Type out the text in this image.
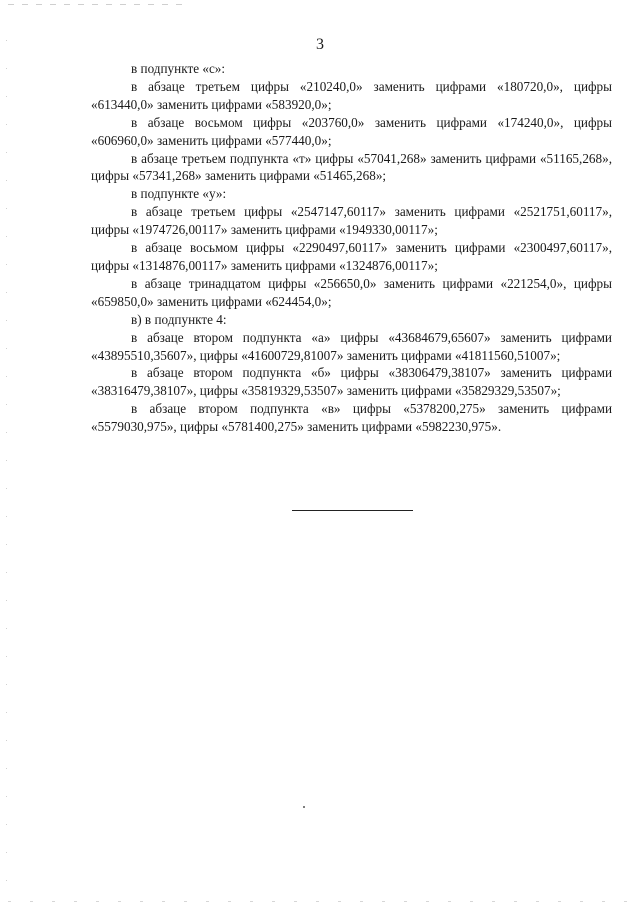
3

в подпункте «с»:

в абзаце третьем цифры «210240,0» заменить цифрами «180720,0», цифры «613440,0» заменить цифрами «583920,0»;

в абзаце восьмом цифры «203760,0» заменить цифрами «174240,0», цифры «606960,0» заменить цифрами «577440,0»;

в абзаце третьем подпункта «т» цифры «57041,268» заменить цифрами «51165,268», цифры «57341,268» заменить цифрами «51465,268»;

в подпункте «у»:

в абзаце третьем цифры «2547147,60117» заменить цифрами «2521751,60117», цифры «1974726,00117» заменить цифрами «1949330,00117»;

в абзаце восьмом цифры «2290497,60117» заменить цифрами «2300497,60117», цифры «1314876,00117» заменить цифрами «1324876,00117»;

в абзаце тринадцатом цифры «256650,0» заменить цифрами «221254,0», цифры «659850,0» заменить цифрами «624454,0»;

в) в подпункте 4:

в абзаце втором подпункта «а» цифры «43684679,65607» заменить цифрами «43895510,35607», цифры «41600729,81007» заменить цифрами «41811560,51007»;

в абзаце втором подпункта «б» цифры «38306479,38107» заменить цифрами «38316479,38107», цифры «35819329,53507» заменить цифрами «35829329,53507»;

в абзаце втором подпункта «в» цифры «5378200,275» заменить цифрами «5579030,975», цифры «5781400,275» заменить цифрами «5982230,975».
